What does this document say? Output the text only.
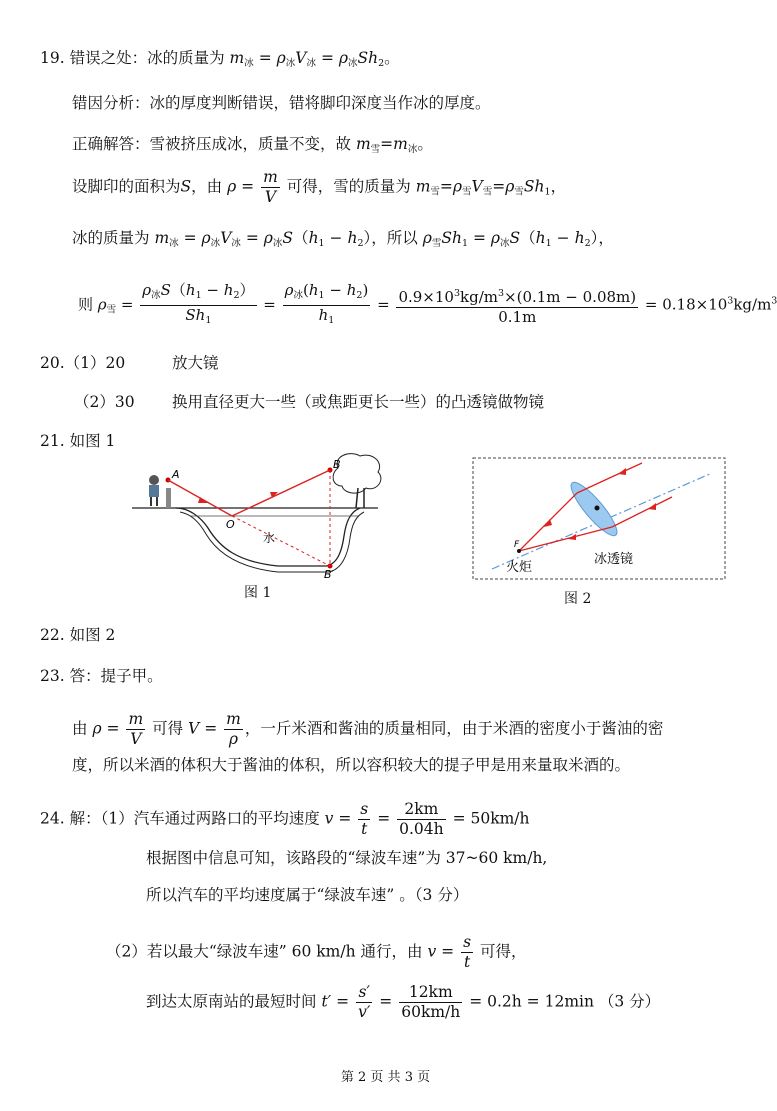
19. 错误之处：冰的质量为 $m_冰 = \rho_冰V_冰 = \rho_冰Sh_2$。
错因分析：冰的厚度判断错误，错将脚印深度当作冰的厚度。
正确解答：雪被挤压成冰，质量不变，故 $m_雪=m_冰$。
设脚印的面积为S，由 $\rho = \frac{m}{V}$ 可得，雪的质量为 $m_雪=\rho_雪V_雪=\rho_雪Sh_1$，
冰的质量为 $m_冰 = \rho_冰V_冰 = \rho_冰S(h_1 - h_2)$，所以 $\rho_雪Sh_1 = \rho_冰S(h_1 - h_2)$，
则 $\rho_雪 = \frac{\rho_冰S(h_1 - h_2)}{Sh_1} = \frac{\rho_冰(h_1 - h_2)}{h_1} = \frac{0.9\times 10^3kg/m^3\times(0.1m - 0.08m)}{0.1m} = 0.18\times 10^3kg/m^3$
20.（1）20	放大镜
（2）30 换用直径更大一些（或焦距更长一些）的凸透镜做物镜
21. 如图 1
A
B
B′
O
水
图 1
F
火炬
冰透镜
图 2
22. 如图 2
23. 答：提子甲。
由 $\rho = \frac{m}{V}$ 可得 $V = \frac{m}{\rho}$ ，一斤米酒和酱油的质量相同，由于米酒的密度小于酱油的密
度，所以米酒的体积大于酱油的体积，所以容积较大的提子甲是用来量取米酒的。
24. 解：（1）汽车通过两路口的平均速度 $v = \frac{s}{t} = \frac{2km}{0.04h} = 50km/h$
根据图中信息可知，该路段的“绿波车速”为 37~60 km/h,
所以汽车的平均速度属于“绿波车速” 。（3 分）
（2）若以最大“绿波车速” 60 km/h 通行，由 $v = \frac{s}{t}$ 可得，
到达太原南站的最短时间 $t' = \frac{s'}{v'} = \frac{12km}{60km/h} = 0.2h = 12\min$ （3 分）
第 2 页 共 3 页
